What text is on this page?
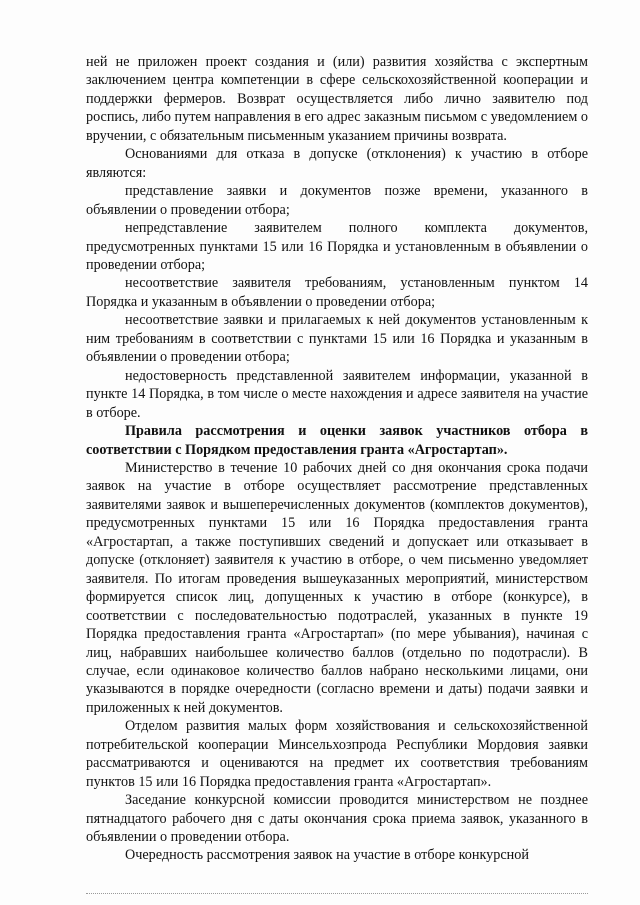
ней не приложен проект создания и (или) развития хозяйства с экспертным заключением центра компетенции в сфере сельскохозяйственной кооперации и поддержки фермеров. Возврат осуществляется либо лично заявителю под роспись, либо путем направления в его адрес заказным письмом с уведомлением о вручении, с обязательным письменным указанием причины возврата.

Основаниями для отказа в допуске (отклонения) к участию в отборе являются:

представление заявки и документов позже времени, указанного в объявлении о проведении отбора;

непредставление заявителем полного комплекта документов, предусмотренных пунктами 15 или 16 Порядка и установленным в объявлении о проведении отбора;

несоответствие заявителя требованиям, установленным пунктом 14 Порядка и указанным в объявлении о проведении отбора;

несоответствие заявки и прилагаемых к ней документов установленным к ним требованиям в соответствии с пунктами 15 или 16 Порядка и указанным в объявлении о проведении отбора;

недостоверность представленной заявителем информации, указанной в пункте 14 Порядка, в том числе о месте нахождения и адресе заявителя на участие в отборе.

Правила рассмотрения и оценки заявок участников отбора в соответствии с Порядком предоставления гранта «Агростартап».

Министерство в течение 10 рабочих дней со дня окончания срока подачи заявок на участие в отборе осуществляет рассмотрение представленных заявителями заявок и вышеперечисленных документов (комплектов документов), предусмотренных пунктами 15 или 16 Порядка предоставления гранта «Агростартап, а также поступивших сведений и допускает или отказывает в допуске (отклоняет) заявителя к участию в отборе, о чем письменно уведомляет заявителя. По итогам проведения вышеуказанных мероприятий, министерством формируется список лиц, допущенных к участию в отборе (конкурсе), в соответствии с последовательностью подотраслей, указанных в пункте 19 Порядка предоставления гранта «Агростартап» (по мере убывания), начиная с лиц, набравших наибольшее количество баллов (отдельно по подотрасли). В случае, если одинаковое количество баллов набрано несколькими лицами, они указываются в порядке очередности (согласно времени и даты) подачи заявки и приложенных к ней документов.

Отделом развития малых форм хозяйствования и сельскохозяйственной потребительской кооперации Минсельхозпрода Республики Мордовия заявки рассматриваются и оцениваются на предмет их соответствия требованиям пунктов 15 или 16 Порядка предоставления гранта «Агростартап».

Заседание конкурсной комиссии проводится министерством не позднее пятнадцатого рабочего дня с даты окончания срока приема заявок, указанного в объявлении о проведении отбора.

Очередность рассмотрения заявок на участие в отборе конкурсной
